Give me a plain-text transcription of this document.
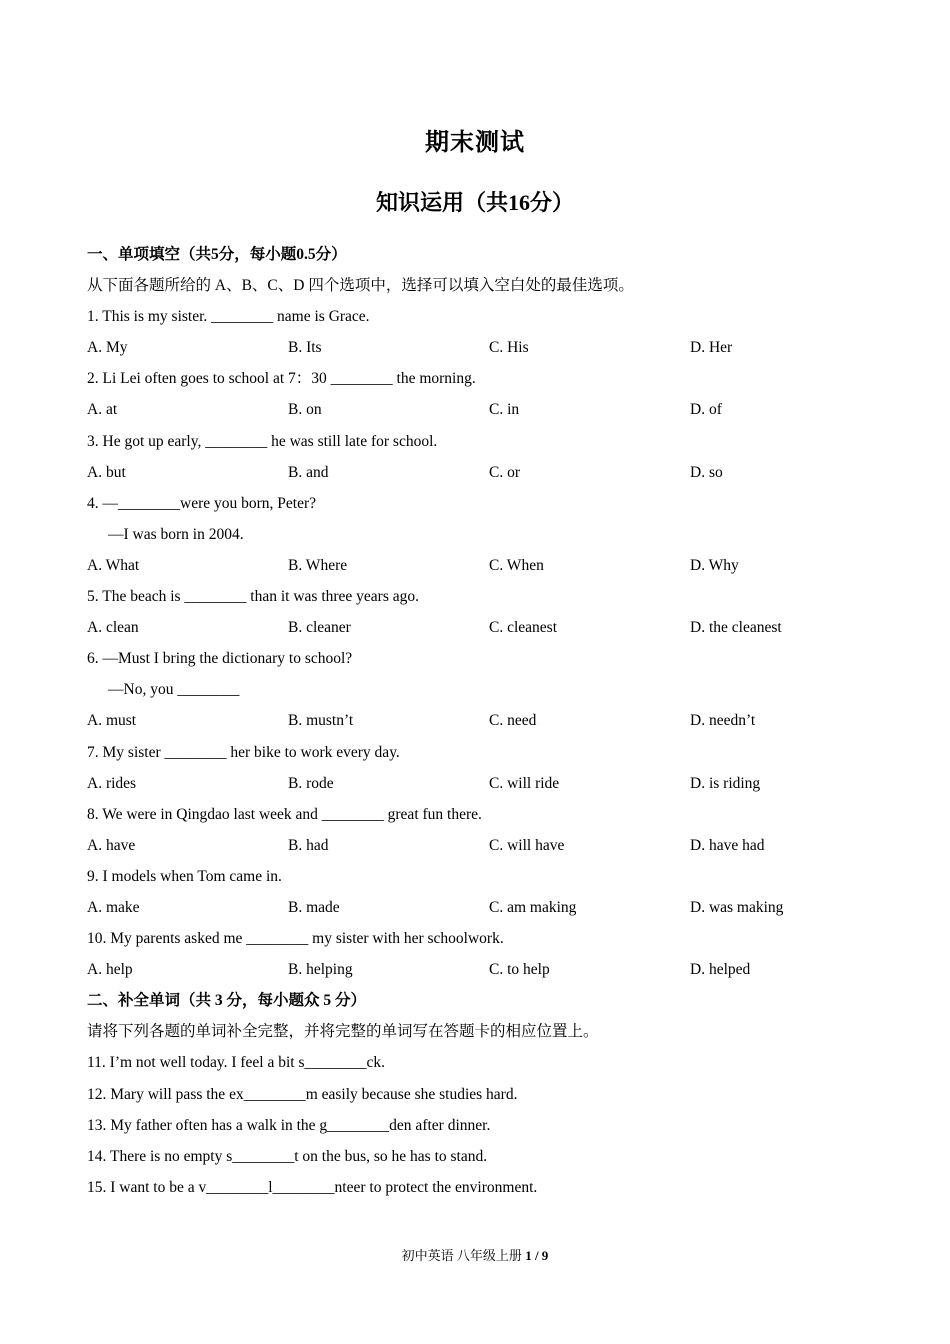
期末测试
知识运用（共16分）
一、单项填空（共5分，每小题0.5分）
从下面各题所给的 A、B、C、D 四个选项中，选择可以填入空白处的最佳选项。
1. This is my sister. ________ name is Grace.
A. My	B. Its	C. His	D. Her
2. Li Lei often goes to school at 7：30 ________ the morning.
A. at	B. on	C. in	D. of
3. He got up early, ________ he was still late for school.
A. but	B. and	C. or	D. so
4. —________were you born, Peter?
—I was born in 2004.
A. What	B. Where	C. When	D. Why
5. The beach is ________ than it was three years ago.
A. clean	B. cleaner	C. cleanest	D. the cleanest
6. —Must I bring the dictionary to school?
—No, you ________
A. must	B. mustn’t	C. need	D. needn’t
7. My sister ________ her bike to work every day.
A. rides	B. rode	C. will ride	D. is riding
8. We were in Qingdao last week and ________ great fun there.
A. have	B. had	C. will have	D. have had
9. I models when Tom came in.
A. make	B. made	C. am making	D. was making
10. My parents asked me ________ my sister with her schoolwork.
A. help	B. helping	C. to help	D. helped
二、补全单词（共 3 分，每小题众 5 分）
请将下列各题的单词补全完整，并将完整的单词写在答题卡的相应位置上。
11. I’m not well today. I feel a bit s________ck.
12. Mary will pass the ex________m easily because she studies hard.
13. My father often has a walk in the g________den after dinner.
14. There is no empty s________t on the bus, so he has to stand.
15. I want to be a v________l________nteer to protect the environment.
初中英语 八年级上册 1 / 9
